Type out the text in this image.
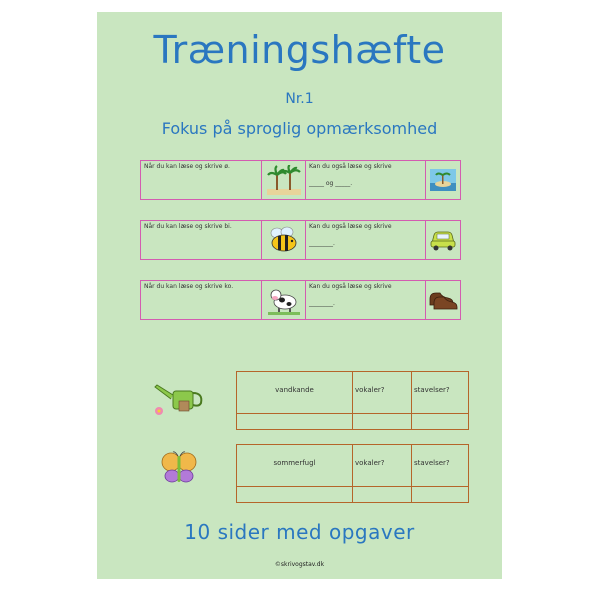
Træningshæfte
Nr.1
Fokus på sproglig opmærksomhed
Når du kan læse og skrive ø.	Kan du også læse og skrive
_____ og _____.
Når du kan læse og skrive bi.	Kan du også læse og skrive
________.
Når du kan læse og skrive ko.	Kan du også læse og skrive
________.
vandkande	vokaler?	stavelser?
sommerfugl	vokaler?	stavelser?
10 sider med opgaver
©skrivogstav.dk
